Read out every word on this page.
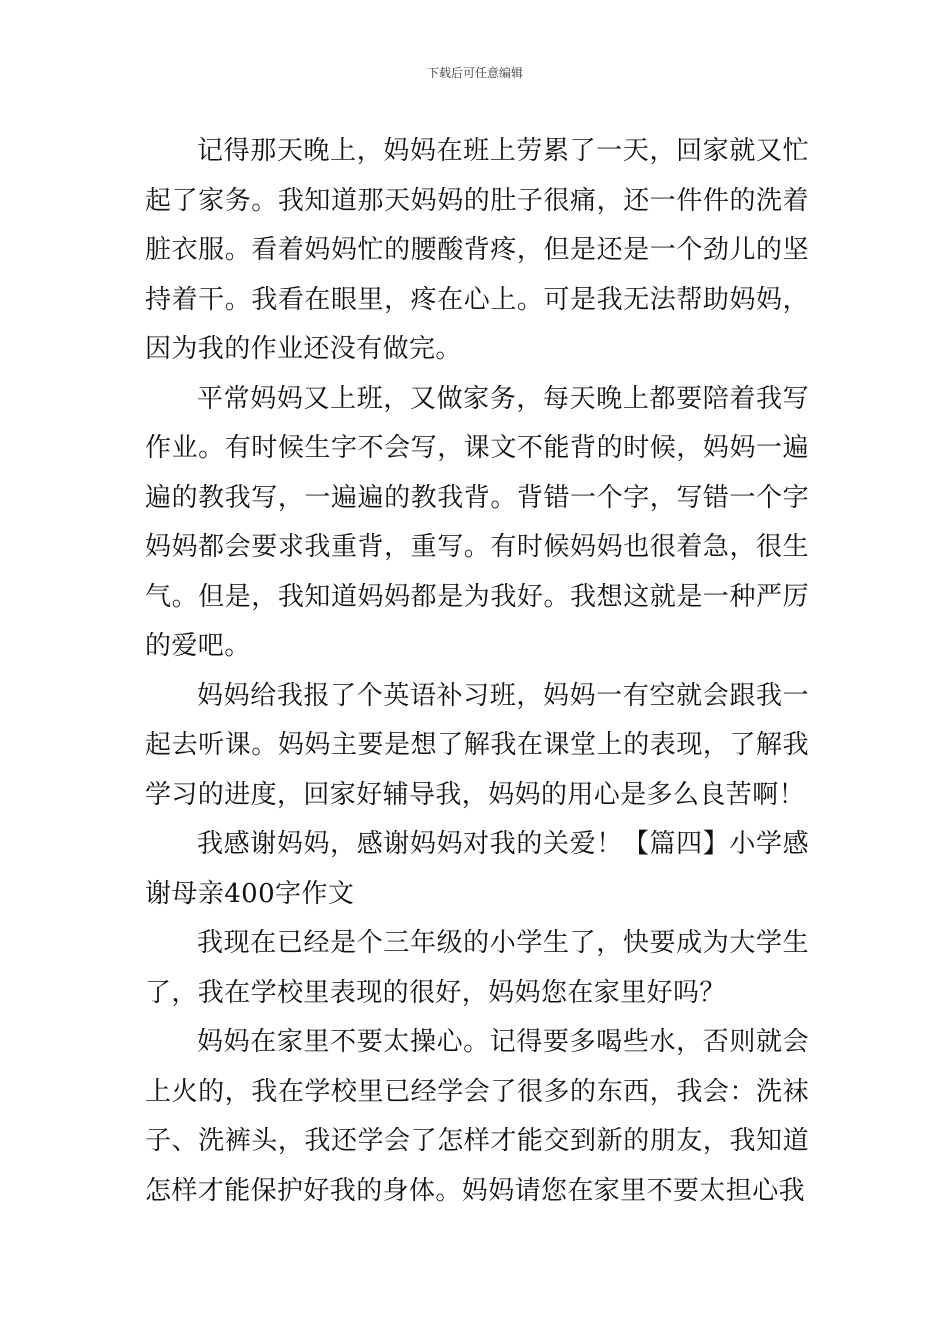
下载后可任意编辑

记得那天晚上，妈妈在班上劳累了一天，回家就又忙起了家务。我知道那天妈妈的肚子很痛，还一件件的洗着脏衣服。看着妈妈忙的腰酸背疼，但是还是一个劲儿的坚持着干。我看在眼里，疼在心上。可是我无法帮助妈妈，因为我的作业还没有做完。

平常妈妈又上班，又做家务，每天晚上都要陪着我写作业。有时候生字不会写，课文不能背的时候，妈妈一遍遍的教我写，一遍遍的教我背。背错一个字，写错一个字妈妈都会要求我重背，重写。有时候妈妈也很着急，很生气。但是，我知道妈妈都是为我好。我想这就是一种严厉的爱吧。

妈妈给我报了个英语补习班，妈妈一有空就会跟我一起去听课。妈妈主要是想了解我在课堂上的表现，了解我学习的进度，回家好辅导我，妈妈的用心是多么良苦啊！

我感谢妈妈，感谢妈妈对我的关爱！【篇四】小学感谢母亲400字作文

我现在已经是个三年级的小学生了，快要成为大学生了，我在学校里表现的很好，妈妈您在家里好吗？

妈妈在家里不要太操心。记得要多喝些水，否则就会上火的，我在学校里已经学会了很多的东西，我会：洗袜子、洗裤头，我还学会了怎样才能交到新的朋友，我知道怎样才能保护好我的身体。妈妈请您在家里不要太担心我
